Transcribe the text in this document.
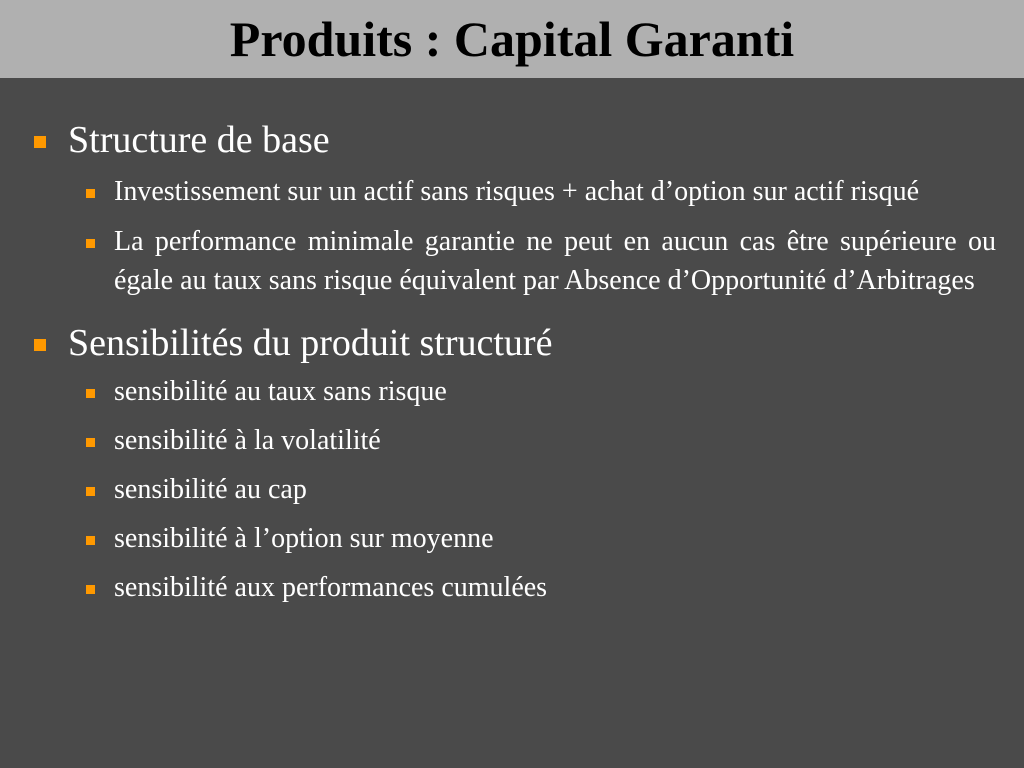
Produits : Capital Garanti
Structure de base
Investissement sur un actif sans risques + achat d’option sur actif risqué
La performance minimale garantie ne peut en aucun cas être supérieure ou égale au taux sans risque équivalent par Absence d’Opportunité d’Arbitrages
Sensibilités du produit structuré
sensibilité au taux sans risque
sensibilité à la volatilité
sensibilité au cap
sensibilité à l’option sur moyenne
sensibilité aux performances cumulées
